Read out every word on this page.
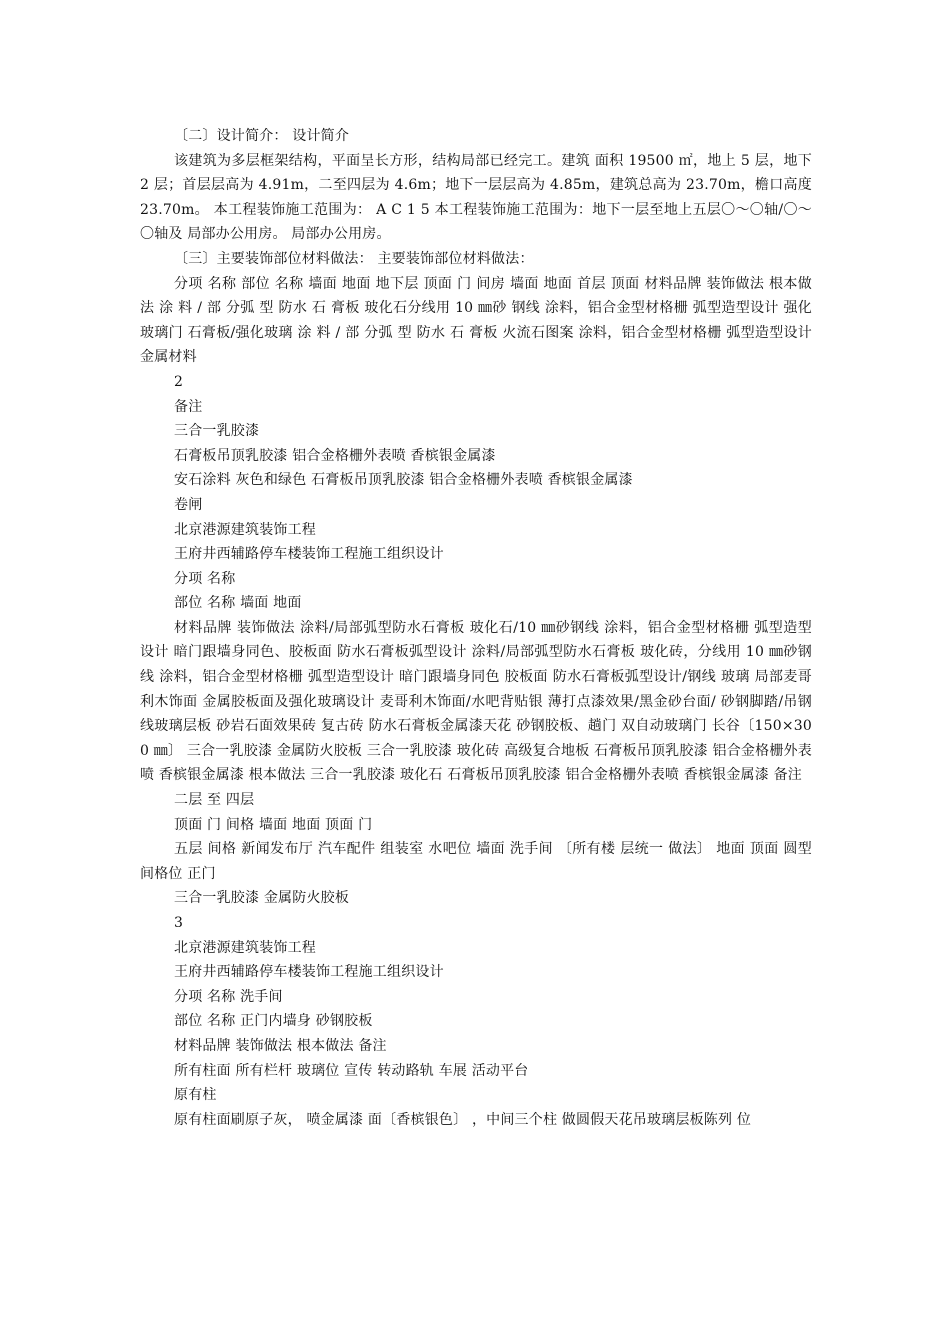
〔二〕设计简介： 设计简介

该建筑为多层框架结构，平面呈长方形，结构局部已经完工。建筑 面积 19500 ㎡，地上 5 层，地下 2 层；首层层高为 4.91m，二至四层为 4.6m；地下一层层高为 4.85m，建筑总高为 23.70m，檐口高度 23.70m。 本工程装饰施工范围为： A C 1 5 本工程装饰施工范围为：地下一层至地上五层〇～〇轴/〇～〇轴及 局部办公用房。 局部办公用房。

〔三〕主要装饰部位材料做法： 主要装饰部位材料做法：

分项 名称 部位 名称 墙面 地面 地下层 顶面 门 间房 墙面 地面 首层 顶面 材料品牌 装饰做法 根本做法 涂 料 / 部 分弧 型 防水 石 膏板 玻化石分线用 10 ㎜砂 钢线 涂料，铝合金型材格栅 弧型造型设计 强化玻璃门 石膏板/强化玻璃 涂 料 / 部 分弧 型 防水 石 膏板 火流石图案 涂料，铝合金型材格栅 弧型造型设计 金属材料

2

备注

三合一乳胶漆

石膏板吊顶乳胶漆 铝合金格栅外表喷 香槟银金属漆

安石涂料 灰色和绿色 石膏板吊顶乳胶漆 铝合金格栅外表喷 香槟银金属漆

卷闸

北京港源建筑装饰工程

王府井西辅路停车楼装饰工程施工组织设计

分项 名称

部位 名称 墙面 地面

材料品牌 装饰做法 涂料/局部弧型防水石膏板 玻化石/10 ㎜砂钢线 涂料，铝合金型材格栅 弧型造型设计 暗门跟墙身同色、胶板面 防水石膏板弧型设计 涂料/局部弧型防水石膏板 玻化砖，分线用 10 ㎜砂钢 线 涂料，铝合金型材格栅 弧型造型设计 暗门跟墙身同色 胶板面 防水石膏板弧型设计/钢线 玻璃 局部麦哥利木饰面 金属胶板面及强化玻璃设计 麦哥利木饰面/水吧背贴银 薄打点漆效果/黑金砂台面/ 砂钢脚踏/吊钢线玻璃层板 砂岩石面效果砖 复古砖 防水石膏板金属漆天花 砂钢胶板、趟门 双自动玻璃门 长谷〔150×300 ㎜〕 三合一乳胶漆 金属防火胶板 三合一乳胶漆 玻化砖 高级复合地板 石膏板吊顶乳胶漆 铝合金格栅外表喷 香槟银金属漆 根本做法 三合一乳胶漆 玻化石 石膏板吊顶乳胶漆 铝合金格栅外表喷 香槟银金属漆 备注

二层 至 四层

顶面 门 间格 墙面 地面 顶面 门

五层 间格 新闻发布厅 汽车配件 组装室 水吧位 墙面 洗手间 〔所有楼 层统一 做法〕 地面 顶面 圆型间格位 正门

三合一乳胶漆 金属防火胶板

3

北京港源建筑装饰工程

王府井西辅路停车楼装饰工程施工组织设计

分项 名称 洗手间

部位 名称 正门内墙身 砂钢胶板

材料品牌 装饰做法 根本做法 备注

所有柱面 所有栏杆 玻璃位 宣传 转动路轨 车展 活动平台

原有柱

原有柱面刷原子灰， 喷金属漆 面〔香槟银色〕 ，中间三个柱 做圆假天花吊玻璃层板陈列 位
